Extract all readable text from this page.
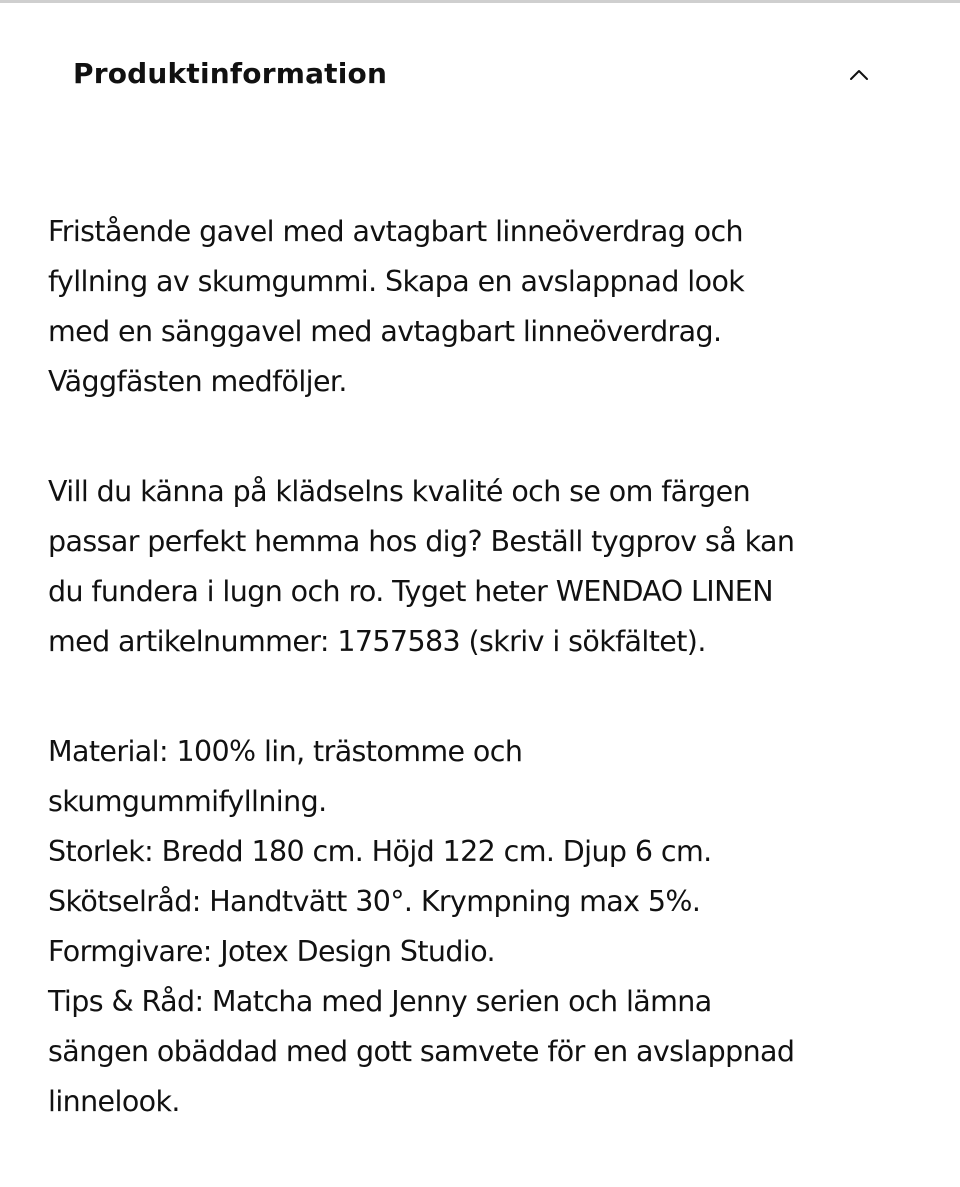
Produktinformation

Fristående gavel med avtagbart linneöverdrag och
fyllning av skumgummi. Skapa en avslappnad look
med en sänggavel med avtagbart linneöverdrag.
Väggfästen medföljer.

Vill du känna på klädselns kvalité och se om färgen
passar perfekt hemma hos dig? Beställ tygprov så kan
du fundera i lugn och ro. Tyget heter WENDAO LINEN
med artikelnummer: 1757583 (skriv i sökfältet).

Material: 100% lin, trästomme och
skumgummifyllning.
Storlek: Bredd 180 cm. Höjd 122 cm. Djup 6 cm.
Skötselråd: Handtvätt 30°. Krympning max 5%.
Formgivare: Jotex Design Studio.
Tips & Råd: Matcha med Jenny serien och lämna
sängen obäddad med gott samvete för en avslappnad
linnelook.
